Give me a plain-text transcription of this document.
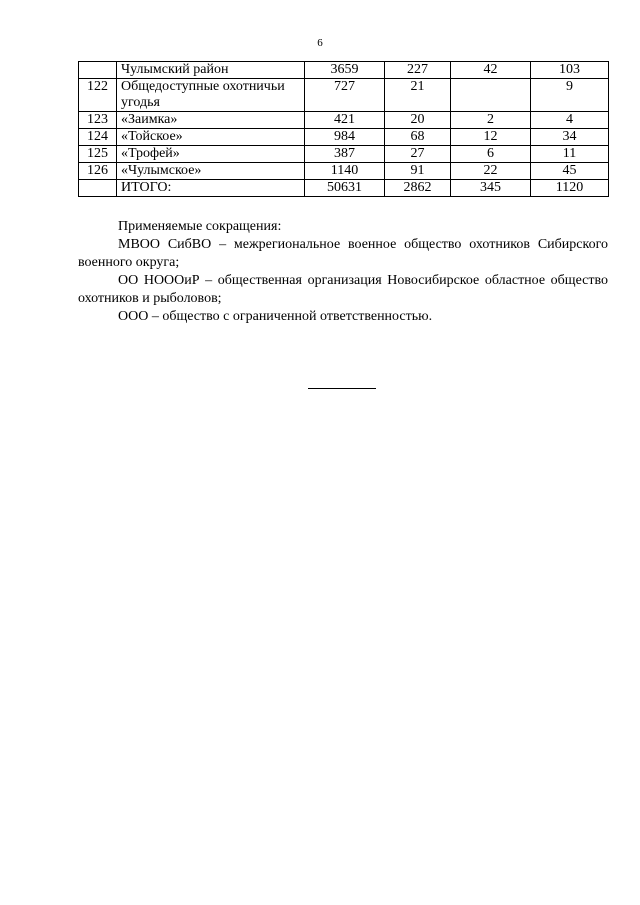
6
	Чулымский район	3659	227	42	103
122	Общедоступные охотничьи угодья	727	21		9
123	«Заимка»	421	20	2	4
124	«Тойское»	984	68	12	34
125	«Трофей»	387	27	6	11
126	«Чулымское»	1140	91	22	45
	ИТОГО:	50631	2862	345	1120

Применяемые сокращения:

МВОО СибВО – межрегиональное военное общество охотников Сибирского военного округа;

ОО НОООиР – общественная организация Новосибирское областное общество охотников и рыболовов;

ООО – общество с ограниченной ответственностью.
